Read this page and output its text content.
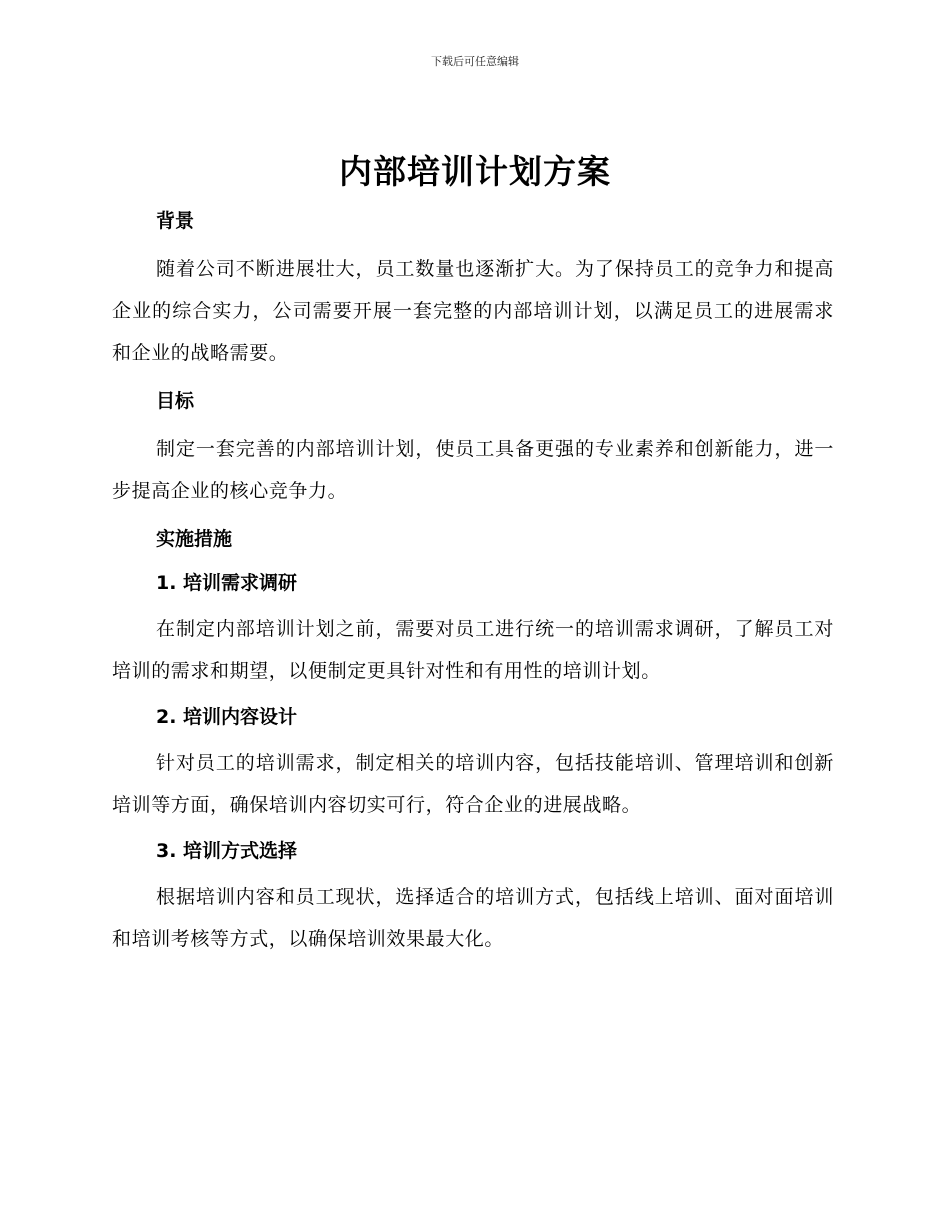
下载后可任意编辑
内部培训计划方案

背景

随着公司不断进展壮大，员工数量也逐渐扩大。为了保持员工的竞争力和提高企业的综合实力，公司需要开展一套完整的内部培训计划，以满足员工的进展需求和企业的战略需要。

目标

制定一套完善的内部培训计划，使员工具备更强的专业素养和创新能力，进一步提高企业的核心竞争力。

实施措施

1. 培训需求调研

在制定内部培训计划之前，需要对员工进行统一的培训需求调研，了解员工对培训的需求和期望，以便制定更具针对性和有用性的培训计划。

2. 培训内容设计

针对员工的培训需求，制定相关的培训内容，包括技能培训、管理培训和创新培训等方面，确保培训内容切实可行，符合企业的进展战略。

3. 培训方式选择

根据培训内容和员工现状，选择适合的培训方式，包括线上培训、面对面培训和培训考核等方式，以确保培训效果最大化。
